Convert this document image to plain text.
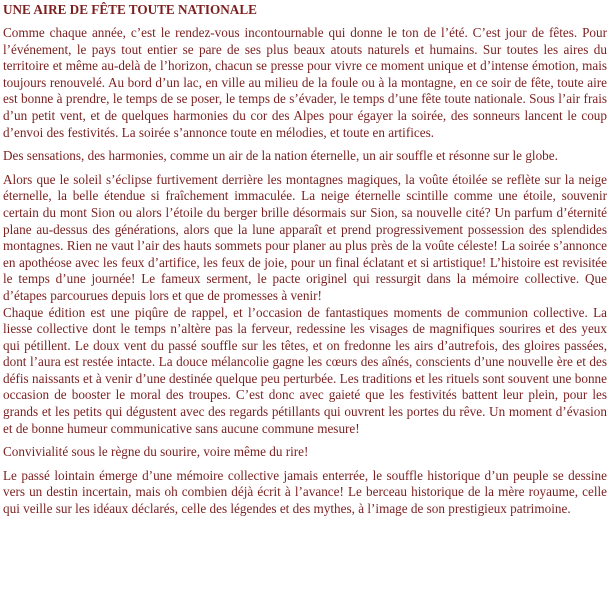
UNE AIRE DE FÊTE TOUTE NATIONALE

Comme chaque année, c’est le rendez-vous incontournable qui donne le ton de l’été. C’est jour de fêtes. Pour l’événement, le pays tout entier se pare de ses plus beaux atouts naturels et humains. Sur toutes les aires du territoire et même au-delà de l’horizon, chacun se presse pour vivre ce moment unique et d’intense émotion, mais toujours renouvelé. Au bord d’un lac, en ville au milieu de la foule ou à la montagne, en ce soir de fête, toute aire est bonne à prendre, le temps de se poser, le temps de s’évader, le temps d’une fête toute nationale. Sous l’air frais d’un petit vent, et de quelques harmonies du cor des Alpes pour égayer la soirée, des sonneurs lancent le coup d’envoi des festivités. La soirée s’annonce toute en mélodies, et toute en artifices.

Des sensations, des harmonies, comme un air de la nation éternelle, un air souffle et résonne sur le globe.

Alors que le soleil s’éclipse furtivement derrière les montagnes magiques, la voûte étoilée se reflète sur la neige éternelle, la belle étendue si fraîchement immaculée. La neige éternelle scintille comme une étoile, souvenir certain du mont Sion ou alors l’étoile du berger brille désormais sur Sion, sa nouvelle cité? Un parfum d’éternité plane au-dessus des générations, alors que la lune apparaît et prend progressivement possession des splendides montagnes. Rien ne vaut l’air des hauts sommets pour planer au plus près de la voûte céleste! La soirée s’annonce en apothéose avec les feux d’artifice, les feux de joie, pour un final éclatant et si artistique! L’histoire est revisitée le temps d’une journée! Le fameux serment, le pacte originel qui ressurgit dans la mémoire collective. Que d’étapes parcourues depuis lors et que de promesses à venir!

Chaque édition est une piqûre de rappel, et l’occasion de fantastiques moments de communion collective. La liesse collective dont le temps n’altère pas la ferveur, redessine les visages de magnifiques sourires et des yeux qui pétillent. Le doux vent du passé souffle sur les têtes, et on fredonne les airs d’autrefois, des gloires passées, dont l’aura est restée intacte. La douce mélancolie gagne les cœurs des aînés, conscients d’une nouvelle ère et des défis naissants et à venir d’une destinée quelque peu perturbée. Les traditions et les rituels sont souvent une bonne occasion de booster le moral des troupes. C’est donc avec gaieté que les festivités battent leur plein, pour les grands et les petits qui dégustent avec des regards pétillants qui ouvrent les portes du rêve. Un moment d’évasion et de bonne humeur communicative sans aucune commune mesure!

Convivialité sous le règne du sourire, voire même du rire!

Le passé lointain émerge d’une mémoire collective jamais enterrée, le souffle historique d’un peuple se dessine vers un destin incertain, mais oh combien déjà écrit à l’avance! Le berceau historique de la mère royaume, celle qui veille sur les idéaux déclarés, celle des légendes et des mythes, à l’image de son prestigieux patrimoine.
